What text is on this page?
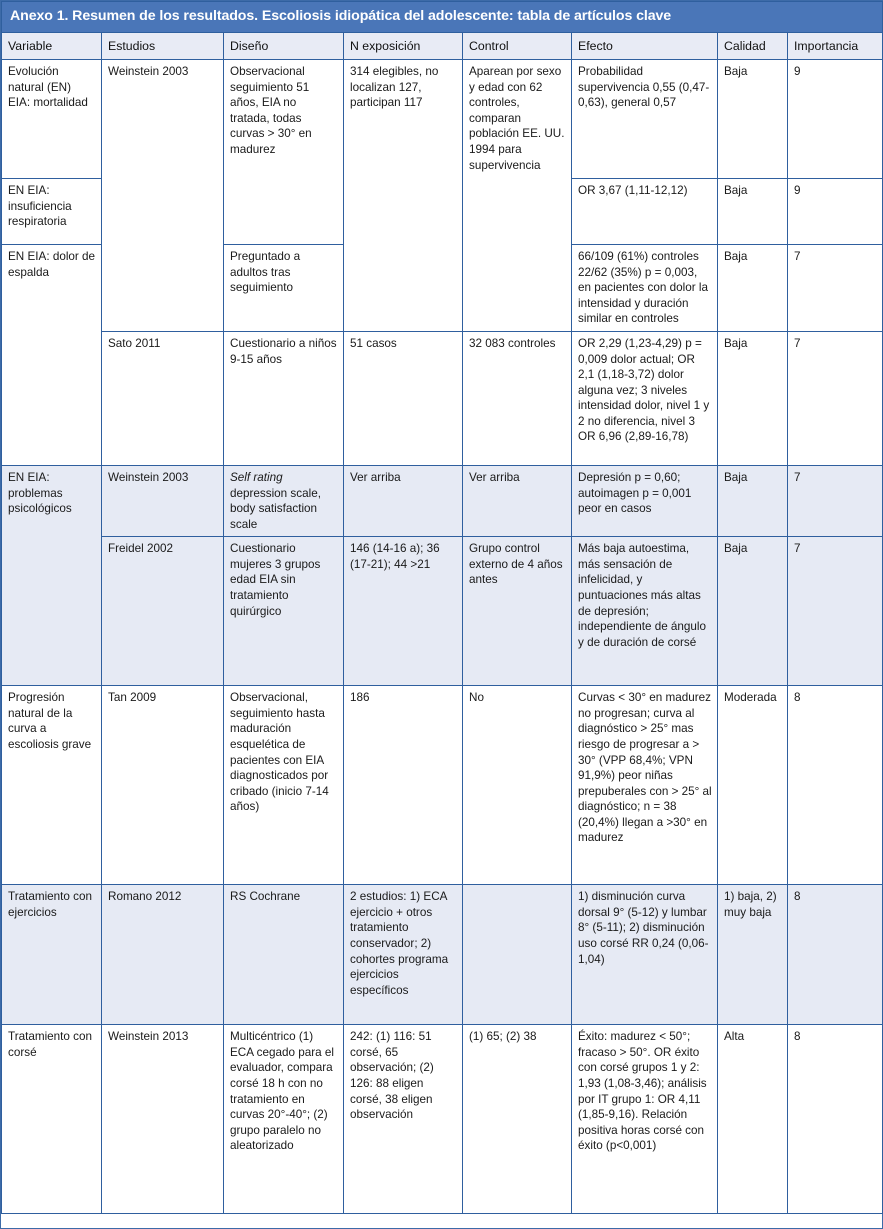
Anexo 1. Resumen de los resultados. Escoliosis idiopática del adolescente: tabla de artículos clave							
Variable	Estudios	Diseño	N exposición	Control	Efecto	Calidad	Importancia
Evolución natural (EN) EIA: mortalidad	Weinstein 2003	Observacional seguimiento 51 años, EIA no tratada, todas curvas > 30° en madurez	314 elegibles, no localizan 127, participan 117	Aparean por sexo y edad con 62 controles, comparan población EE. UU. 1994 para supervivencia	Probabilidad supervivencia 0,55 (0,47-0,63), general 0,57	Baja	9
EN EIA: insuficiencia respiratoria					OR 3,67 (1,11-12,12)	Baja	9
EN EIA: dolor de espalda		Preguntado a adultos tras seguimiento			66/109 (61%) controles 22/62 (35%) p = 0,003, en pacientes con dolor la intensidad y duración similar en controles	Baja	7
	Sato 2011	Cuestionario a niños 9-15 años	51 casos	32 083 controles	OR 2,29 (1,23-4,29) p = 0,009 dolor actual; OR 2,1 (1,18-3,72) dolor alguna vez; 3 niveles intensidad dolor, nivel 1 y 2 no diferencia, nivel 3 OR 6,96 (2,89-16,78)	Baja	7
EN EIA: problemas psicológicos	Weinstein 2003	Self rating depression scale, body satisfaction scale	Ver arriba	Ver arriba	Depresión p = 0,60; autoimagen p = 0,001 peor en casos	Baja	7
	Freidel 2002	Cuestionario mujeres 3 grupos edad EIA sin tratamiento quirúrgico	146 (14-16 a); 36 (17-21); 44 >21	Grupo control externo de 4 años antes	Más baja autoestima, más sensación de infelicidad, y puntuaciones más altas de depresión; independiente de ángulo y de duración de corsé	Baja	7
Progresión natural de la curva a escoliosis grave	Tan 2009	Observacional, seguimiento hasta maduración esquelética de pacientes con EIA diagnosticados por cribado (inicio 7-14 años)	186	No	Curvas < 30° en madurez no progresan; curva al diagnóstico > 25° mas riesgo de progresar a > 30° (VPP 68,4%; VPN 91,9%) peor niñas prepuberales con > 25° al diagnóstico; n = 38 (20,4%) llegan a >30° en madurez	Moderada	8
Tratamiento con ejercicios	Romano 2012	RS Cochrane	2 estudios: 1) ECA ejercicio + otros tratamiento conservador; 2) cohortes programa ejercicios específicos		1) disminución curva dorsal 9° (5-12) y lumbar 8° (5-11); 2) disminución uso corsé RR 0,24 (0,06-1,04)	1) baja, 2) muy baja	8
Tratamiento con corsé	Weinstein 2013	Multicéntrico (1) ECA cegado para el evaluador, compara corsé 18 h con no tratamiento en curvas 20°-40°; (2) grupo paralelo no aleatorizado	242: (1) 116: 51 corsé, 65 observación; (2) 126: 88 eligen corsé, 38 eligen observación	(1) 65; (2) 38	Éxito: madurez < 50°; fracaso > 50°. OR éxito con corsé grupos 1 y 2: 1,93 (1,08-3,46); análisis por IT grupo 1: OR 4,11 (1,85-9,16). Relación positiva horas corsé con éxito (p<0,001)	Alta	8
